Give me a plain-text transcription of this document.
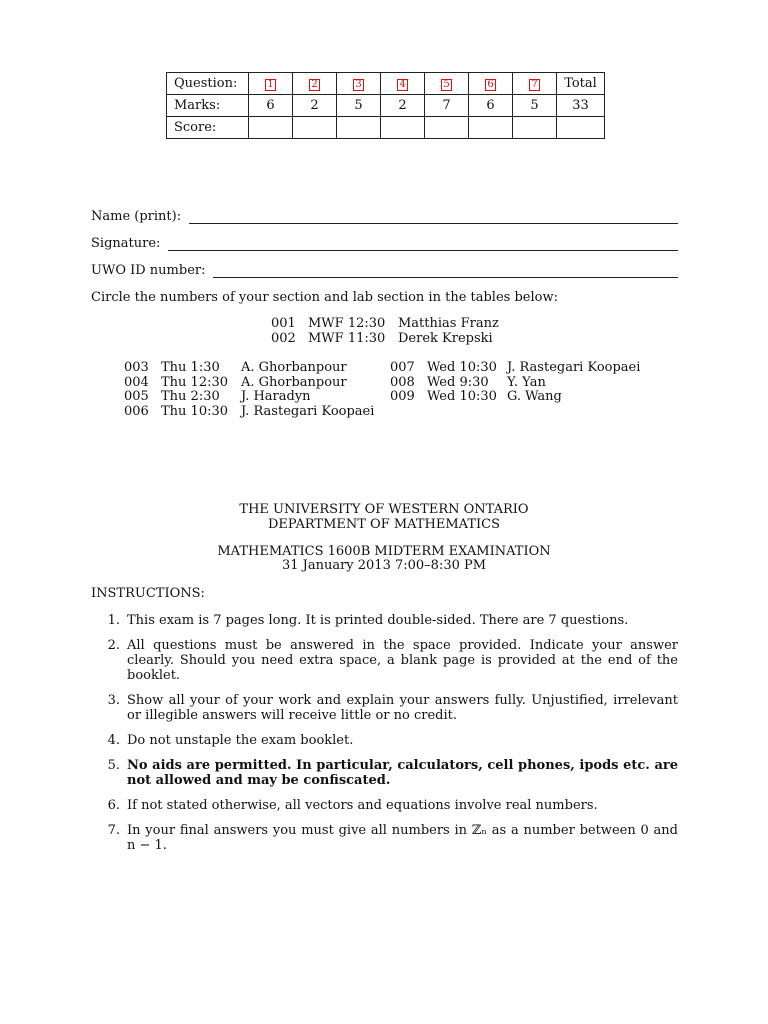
Question:	1	2	3	4	5	6	7	Total
Marks:	6	2	5	2	7	6	5	33
Score:								
Name (print):
Signature:
UWO ID number:
Circle the numbers of your section and lab section in the tables below:
001 MWF 12:30 Matthias Franz
002 MWF 11:30 Derek Krepski
003 Thu 1:30	A. Ghorbanpour
004 Thu 12:30 A. Ghorbanpour
005 Thu 2:30	J. Haradyn
006 Thu 10:30 J. Rastegari Koopaei
007 Wed 10:30 J. Rastegari Koopaei
008 Wed 9:30	Y. Yan
009 Wed 10:30 G. Wang
THE UNIVERSITY OF WESTERN ONTARIO
DEPARTMENT OF MATHEMATICS
MATHEMATICS 1600B MIDTERM EXAMINATION
31 January 2013 7:00–8:30 PM
INSTRUCTIONS:
1. This exam is 7 pages long. It is printed double-sided. There are 7 questions.
2. All questions must be answered in the space provided. Indicate your answer clearly. Should you need extra space, a blank page is provided at the end of the booklet.
3. Show all your of your work and explain your answers fully. Unjustified, irrelevant or illegible answers will receive little or no credit.
4. Do not unstaple the exam booklet.
5. No aids are permitted. In particular, calculators, cell phones, ipods etc. are not allowed and may be confiscated.
6. If not stated otherwise, all vectors and equations involve real numbers.
7. In your final answers you must give all numbers in ℤₙ as a number between 0 and n − 1.
